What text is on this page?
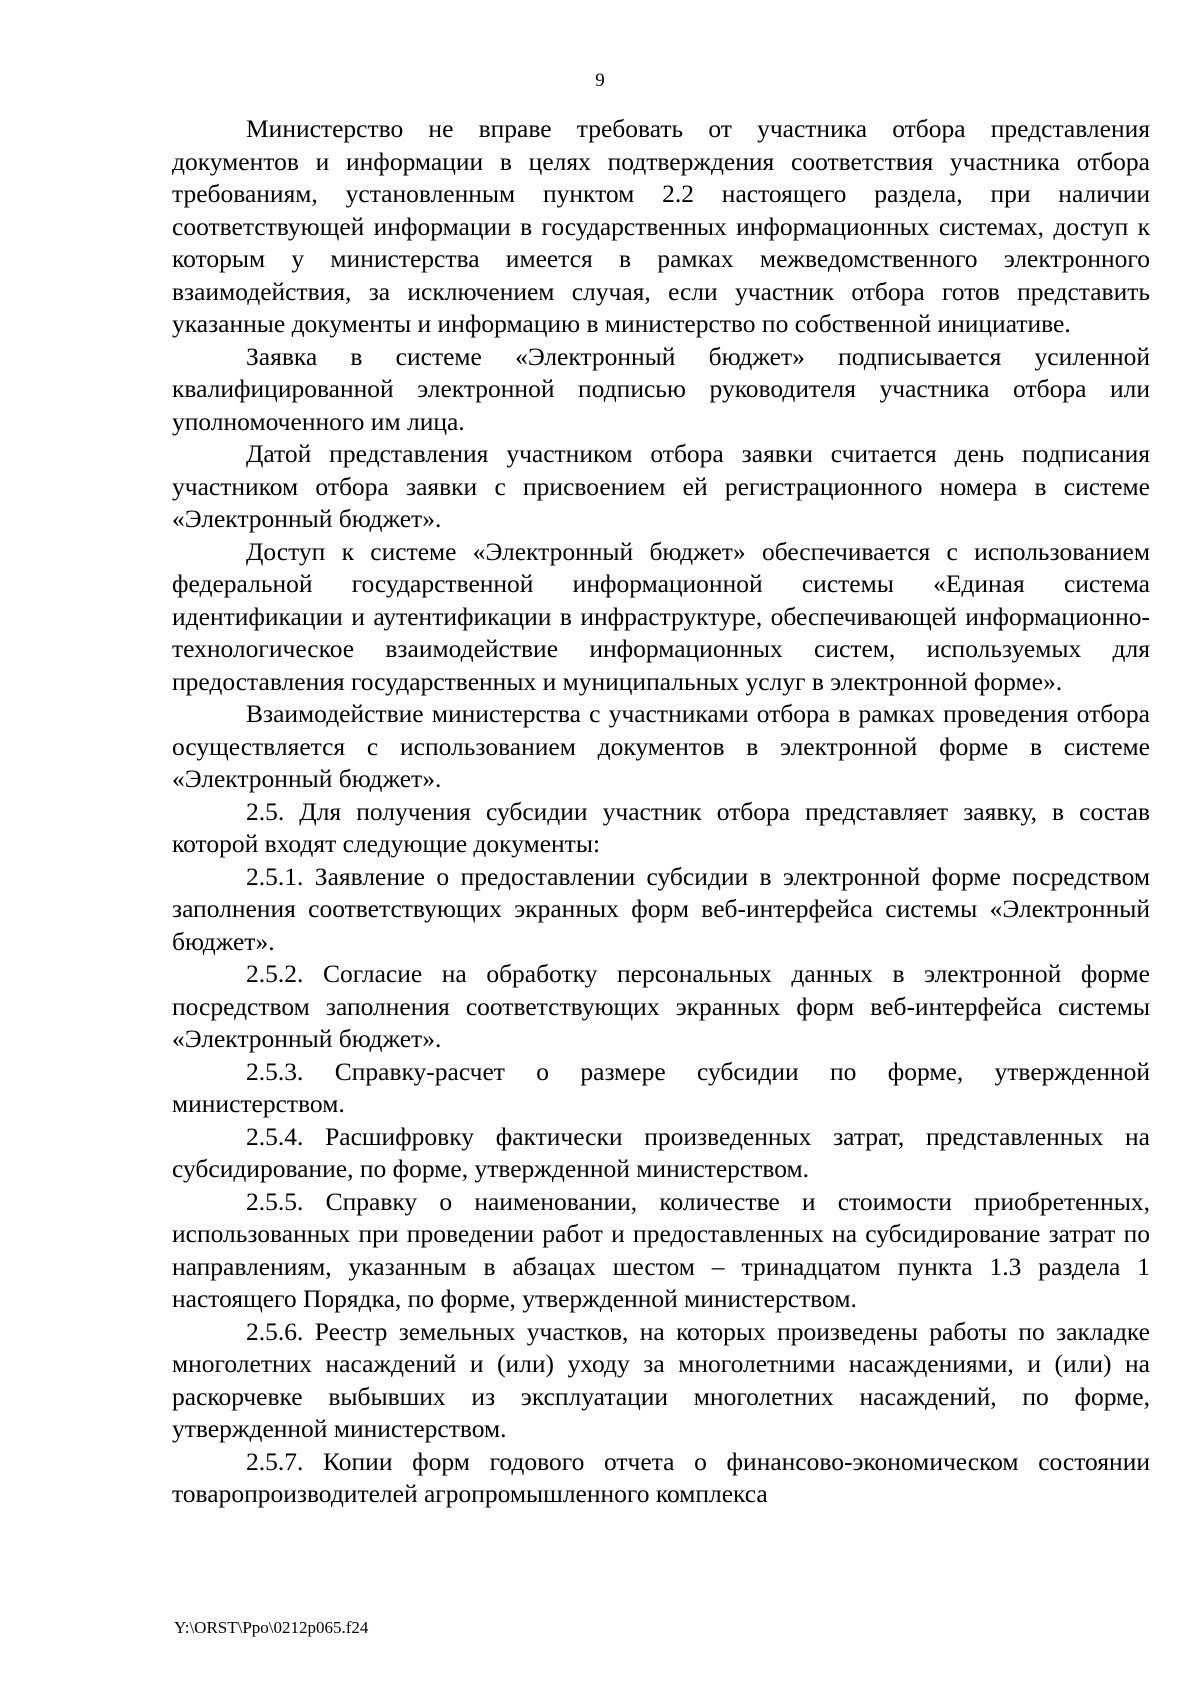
9

Министерство не вправе требовать от участника отбора представления документов и информации в целях подтверждения соответствия участника отбора требованиям, установленным пунктом 2.2 настоящего раздела, при наличии соответствующей информации в государственных информационных системах, доступ к которым у министерства имеется в рамках межведомственного электронного взаимодействия, за исключением случая, если участник отбора готов представить указанные документы и информацию в министерство по собственной инициативе.

Заявка в системе «Электронный бюджет» подписывается усиленной квалифицированной электронной подписью руководителя участника отбора или уполномоченного им лица.

Датой представления участником отбора заявки считается день подписания участником отбора заявки с присвоением ей регистрационного номера в системе «Электронный бюджет».

Доступ к системе «Электронный бюджет» обеспечивается с использованием федеральной государственной информационной системы «Единая система идентификации и аутентификации в инфраструктуре, обеспечивающей информационно-технологическое взаимодействие информационных систем, используемых для предоставления государственных и муниципальных услуг в электронной форме».

Взаимодействие министерства с участниками отбора в рамках проведения отбора осуществляется с использованием документов в электронной форме в системе «Электронный бюджет».

2.5. Для получения субсидии участник отбора представляет заявку, в состав которой входят следующие документы:

2.5.1. Заявление о предоставлении субсидии в электронной форме посредством заполнения соответствующих экранных форм веб-интерфейса системы «Электронный бюджет».

2.5.2. Согласие на обработку персональных данных в электронной форме посредством заполнения соответствующих экранных форм веб-интерфейса системы «Электронный бюджет».

2.5.3. Справку-расчет о размере субсидии по форме, утвержденной министерством.

2.5.4. Расшифровку фактически произведенных затрат, представленных на субсидирование, по форме, утвержденной министерством.

2.5.5. Справку о наименовании, количестве и стоимости приобретенных, использованных при проведении работ и предоставленных на субсидирование затрат по направлениям, указанным в абзацах шестом – тринадцатом пункта 1.3 раздела 1 настоящего Порядка, по форме, утвержденной министерством.

2.5.6. Реестр земельных участков, на которых произведены работы по закладке многолетних насаждений и (или) уходу за многолетними насаждениями, и (или) на раскорчевке выбывших из эксплуатации многолетних насаждений, по форме, утвержденной министерством.

2.5.7. Копии форм годового отчета о финансово-экономическом состоянии товаропроизводителей агропромышленного комплекса

Y:\ORST\Ppo\0212p065.f24
